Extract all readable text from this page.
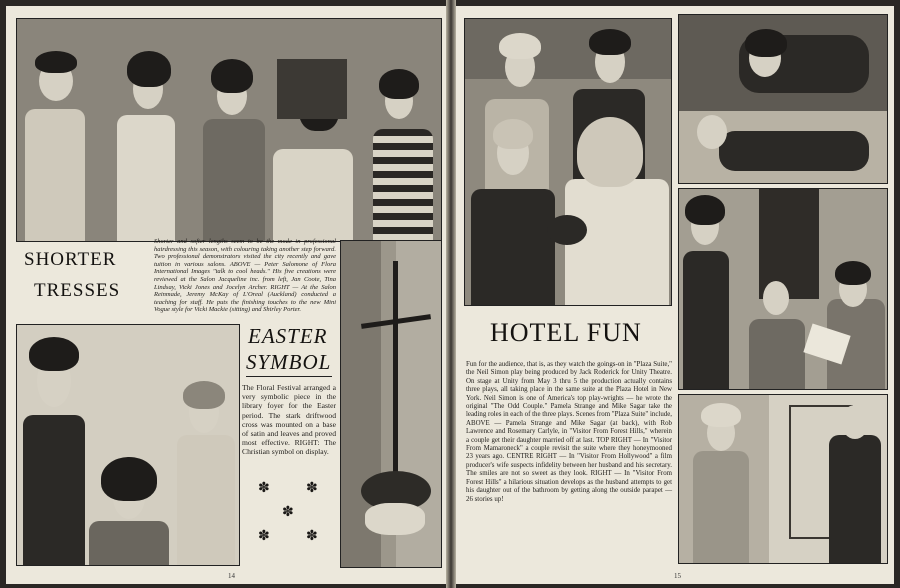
SHORTER
TRESSES
Shorter and softer lengths seem to be the mode in professional hairdressing this season, with colouring taking another step forward. Two professional demonstrators visited the city recently and gave tuition in various salons. ABOVE — Peter Salomone of Flora International Images "talk to cool heads." His five creations were reviewed at the Salon Jacqueline inc. from left, Jan Coote, Tina Lindsay, Vicki Jones and Jocelyn Archer. RIGHT — At the Salon Reinmade, Jeremy McKay of L'Oreal (Auckland) conducted a teaching for staff. He puts the finishing touches to the new Mini Vogue style for Vicki Mackie (sitting) and Shirley Porter.
EASTER
SYMBOL
The Floral Festival arranged a very symbolic piece in the library foyer for the Easter period. The stark driftwood cross was mounted on a base of satin and leaves and proved most effective. RIGHT: The Christian symbol on display.
✽	✽
✽
✽	✽
14
HOTEL FUN
Fun for the audience, that is, as they watch the goings-on in "Plaza Suite," the Neil Simon play being produced by Jack Roderick for Unity Theatre. On stage at Unity from May 3 thru 5 the production actually contains three plays, all taking place in the same suite at the Plaza Hotel in New York. Neil Simon is one of America's top play-wrights — he wrote the original "The Odd Couple." Pamela Strange and Mike Sagar take the leading roles in each of the three plays. Scenes from "Plaza Suite" include, ABOVE — Pamela Strange and Mike Sagar (at back), with Rob Lawrence and Rosemary Carlyle, in "Visitor From Forest Hills," wherein a couple get their daughter married off at last. TOP RIGHT — In "Visitor From Mamaroneck" a couple revisit the suite where they honeymooned 23 years ago. CENTRE RIGHT — In "Visitor From Hollywood" a film producer's wife suspects infidelity between her husband and his secretary. The smiles are not so sweet as they look. RIGHT — In "Visitor From Forest Hills" a hilarious situation develops as the husband attempts to get his daughter out of the bathroom by getting along the outside parapet — 26 stories up!
15
